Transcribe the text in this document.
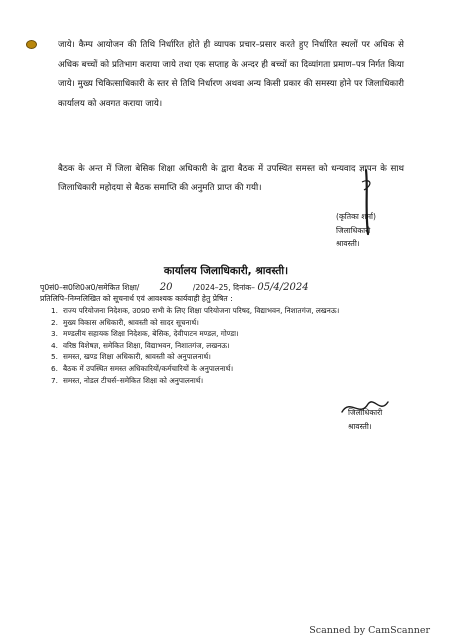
जाये। कैम्प आयोजन की तिथि निर्धारित होते ही व्यापक प्रचार–प्रसार करते हुए निर्धारित स्थलों पर अधिक से अधिक बच्चों को प्रतिभाग कराया जाये तथा एक सप्ताह के अन्दर ही बच्चों का दिव्यांगता प्रमाण–पत्र निर्गत किया जाये। मुख्य चिकित्साधिकारी के स्तर से तिथि निर्धारण अथवा अन्य किसी प्रकार की समस्या होने पर जिलाधिकारी कार्यालय को अवगत कराया जाये।

बैठक के अन्त में जिला बेसिक शिक्षा अधिकारी के द्वारा बैठक में उपस्थित समस्त को धन्यवाद ज्ञापन के साथ जिलाधिकारी महोदया से बैठक समाप्ति की अनुमति प्राप्त की गयी।

(कृतिका शर्मा)
जिलाधिकारी
श्रावस्ती।
कार्यालय जिलाधिकारी, श्रावस्ती।
पृ0सं0–स0शि0अ0/समेकित शिक्षा/ 20	/2024–25, दिनांक– 05/4/2024
प्रतिलिपि–निम्नलिखित को सूचनार्थ एवं आवश्यक कार्यवाही हेतु प्रेषित :
1. राज्य परियोजना निदेशक, उ0प्र0 सभी के लिए शिक्षा परियोजना परिषद, विद्याभवन, निशातगंज, लखनऊ।
2. मुख्य विकास अधिकारी, श्रावस्ती को सादर सूचनार्थ।
3. मण्डलीय सहायक शिक्षा निदेशक, बेसिक, देवीपाटन मण्डल, गोण्डा।
4. वरिष्ठ विशेषज्ञ, समेकित शिक्षा, विद्याभवन, निशातगंज, लखनऊ।
5. समस्त, खण्ड शिक्षा अधिकारी, श्रावस्ती को अनुपालनार्थ।
6. बैठक में उपस्थित समस्त अधिकारियों/कर्मचारियों के अनुपालनार्थ।
7. समस्त, नोडल टीचर्स–समेकित शिक्षा को अनुपालनार्थ।
जिलाधिकारी
श्रावस्ती।
Scanned by CamScanner
